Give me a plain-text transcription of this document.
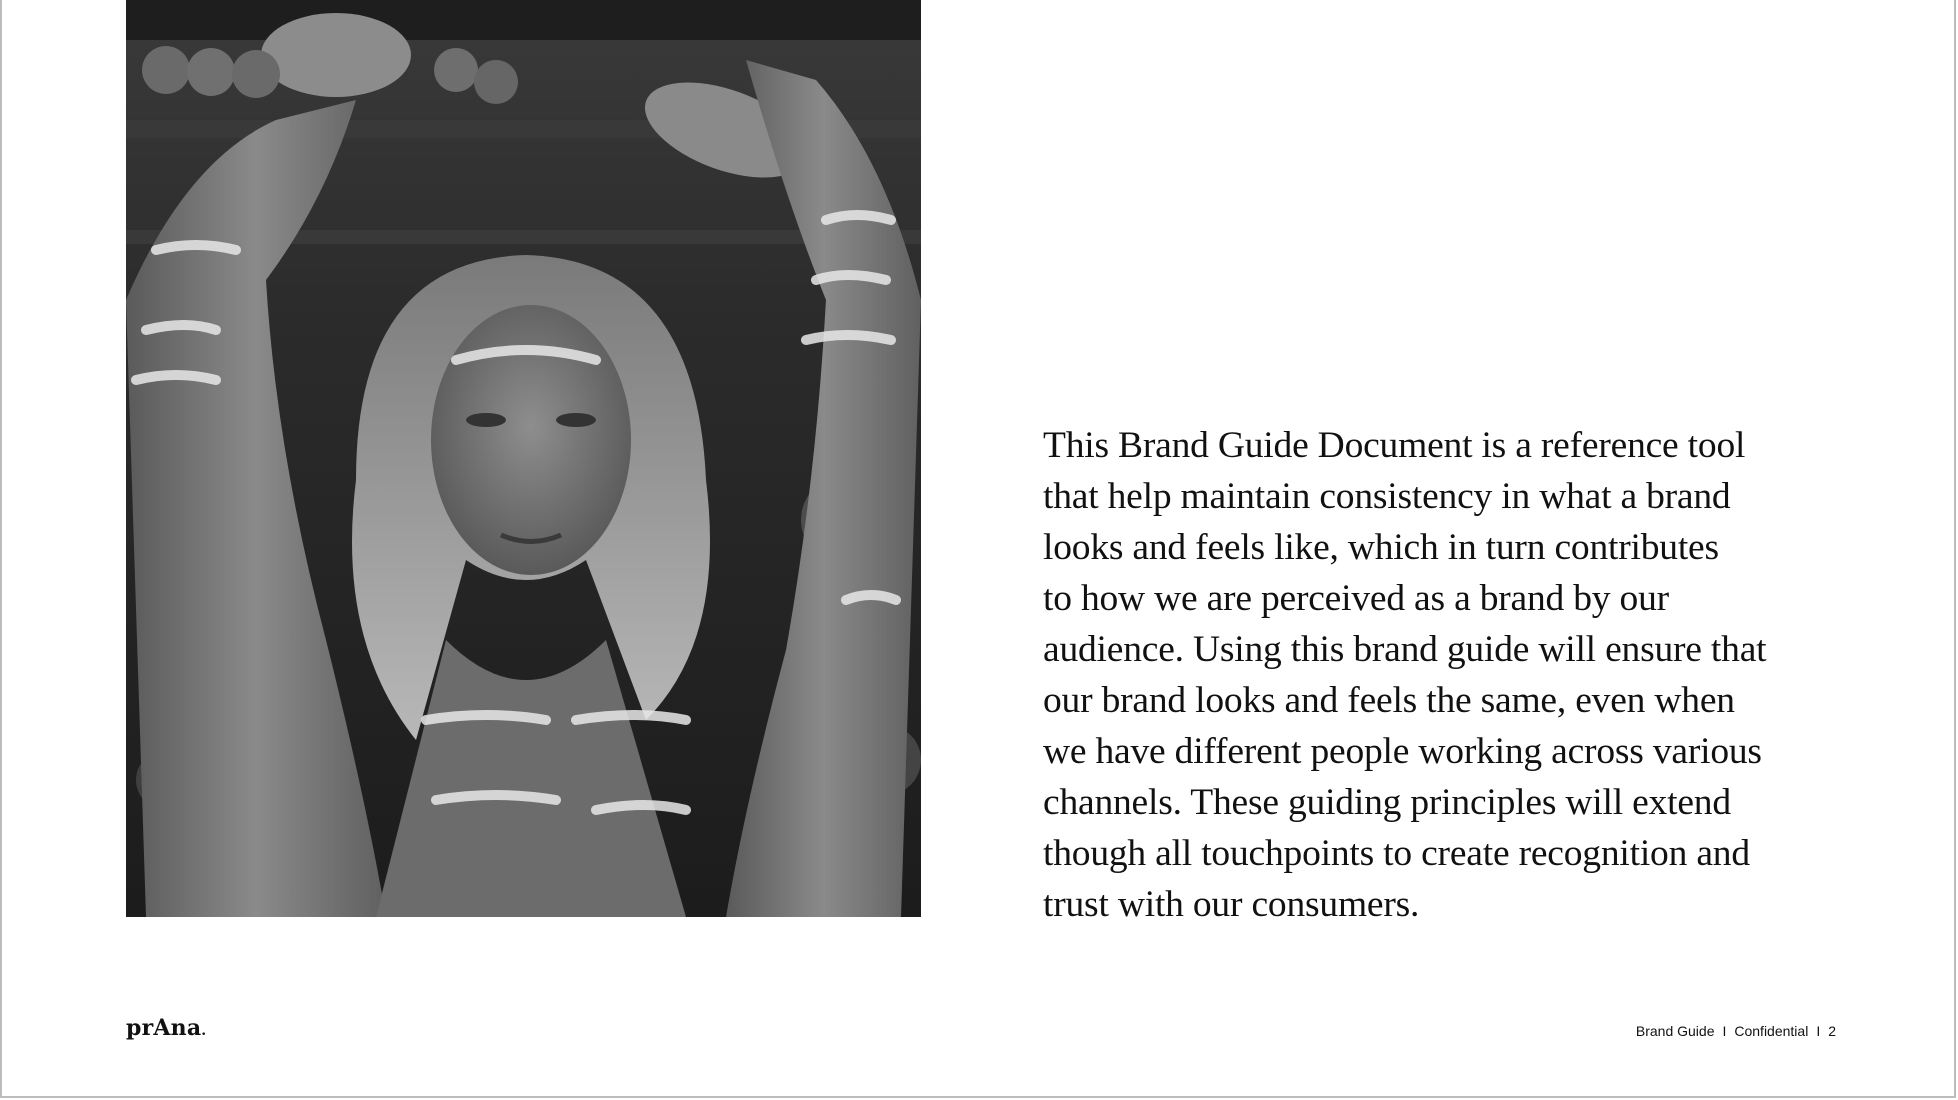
This Brand Guide Document is a reference tool
that help maintain consistency in what a brand
looks and feels like, which in turn contributes
to how we are perceived as a brand by our
audience. Using this brand guide will ensure that
our brand looks and feels the same, even when
we have different people working across various
channels. These guiding principles will extend
though all touchpoints to create recognition and
trust with our consumers.

prAna.	Brand Guide I Confidential I 2
